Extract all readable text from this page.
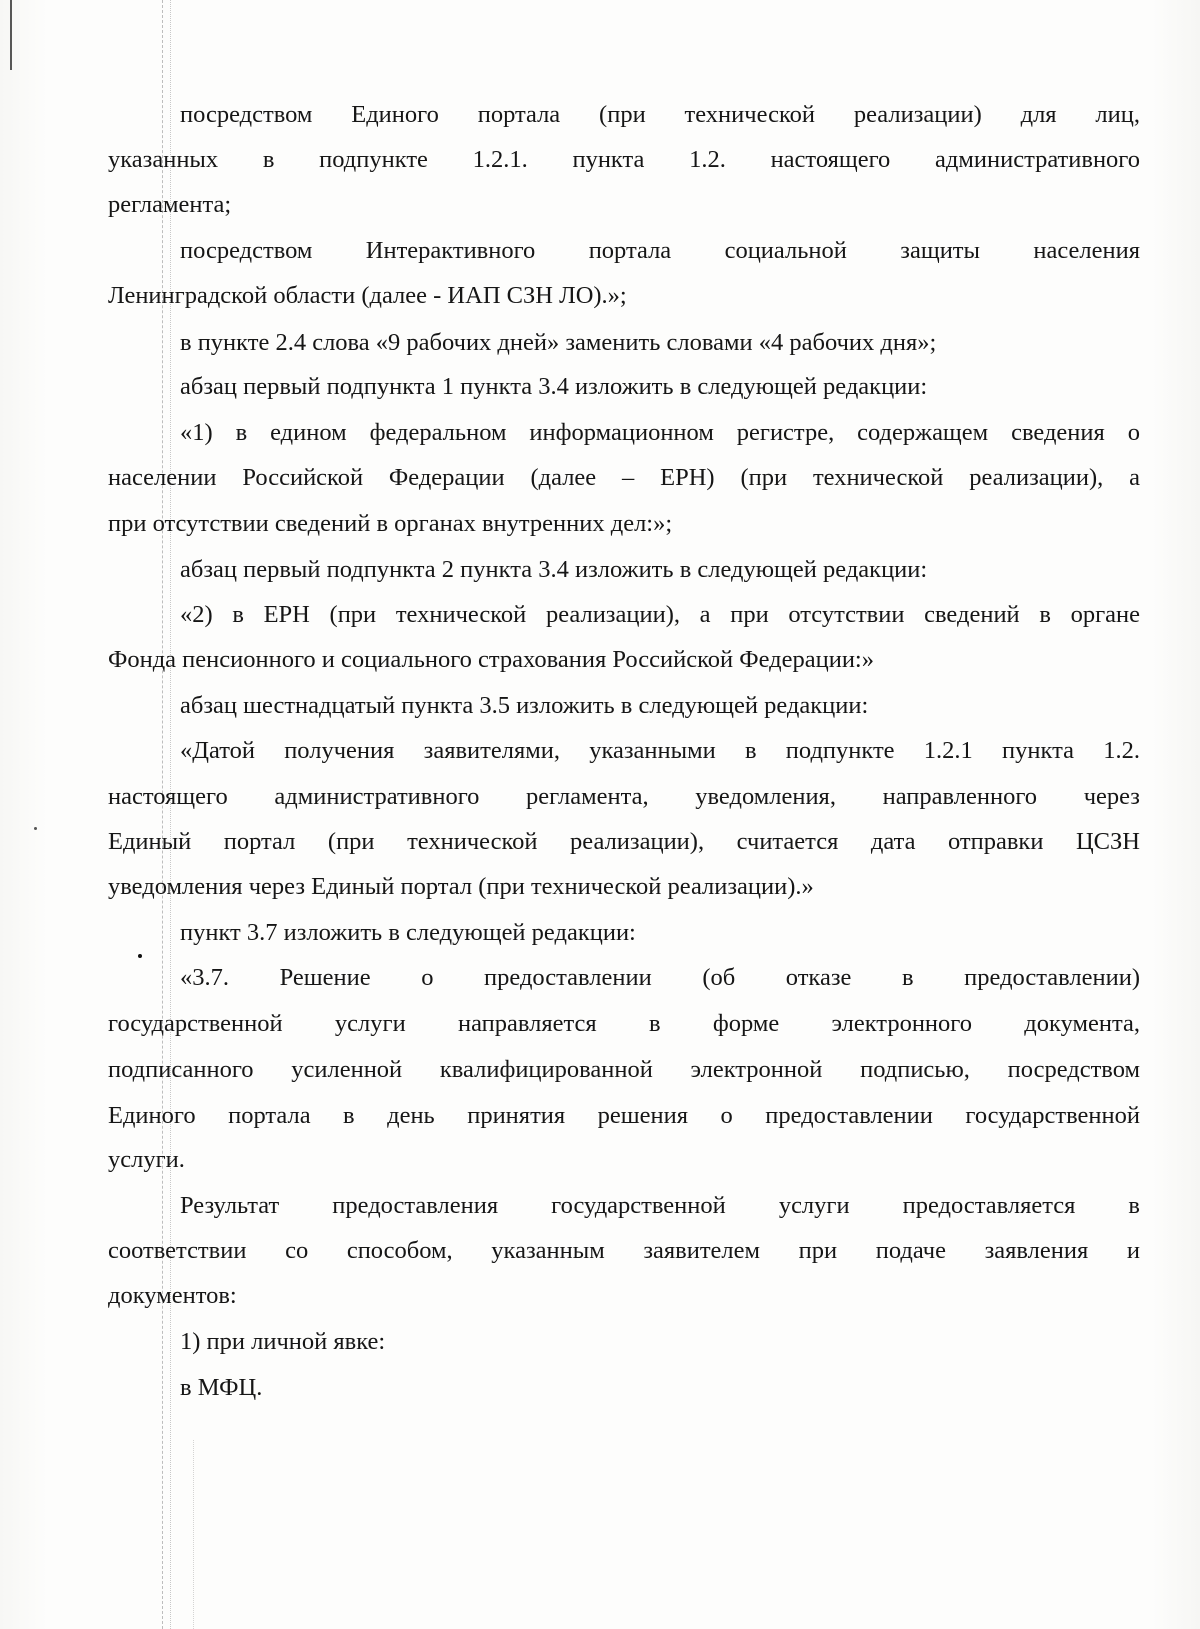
посредством Единого портала (при технической реализации) для лиц,
указанных в подпункте 1.2.1. пункта 1.2. настоящего административного
регламента;
посредством Интерактивного портала социальной защиты населения
Ленинградской области (далее - ИАП СЗН ЛО).»;
в пункте 2.4 слова «9 рабочих дней» заменить словами «4 рабочих дня»;
абзац первый подпункта 1 пункта 3.4 изложить в следующей редакции:
«1) в едином федеральном информационном регистре, содержащем сведения о
населении Российской Федерации (далее – ЕРН) (при технической реализации), а
при отсутствии сведений в органах внутренних дел:»;
абзац первый подпункта 2 пункта 3.4 изложить в следующей редакции:
«2) в ЕРН (при технической реализации), а при отсутствии сведений в органе
Фонда пенсионного и социального страхования Российской Федерации:»
абзац шестнадцатый пункта 3.5 изложить в следующей редакции:
«Датой получения заявителями, указанными в подпункте 1.2.1 пункта 1.2.
настоящего административного регламента, уведомления, направленного через
Единый портал (при технической реализации), считается дата отправки ЦСЗН
уведомления через Единый портал (при технической реализации).»
пункт 3.7 изложить в следующей редакции:
«3.7. Решение о предоставлении (об отказе в предоставлении)
государственной услуги направляется в форме электронного документа,
подписанного усиленной квалифицированной электронной подписью, посредством
Единого портала в день принятия решения о предоставлении государственной
услуги.
Результат предоставления государственной услуги предоставляется в
соответствии со способом, указанным заявителем при подаче заявления и
документов:
1) при личной явке:
в МФЦ.
